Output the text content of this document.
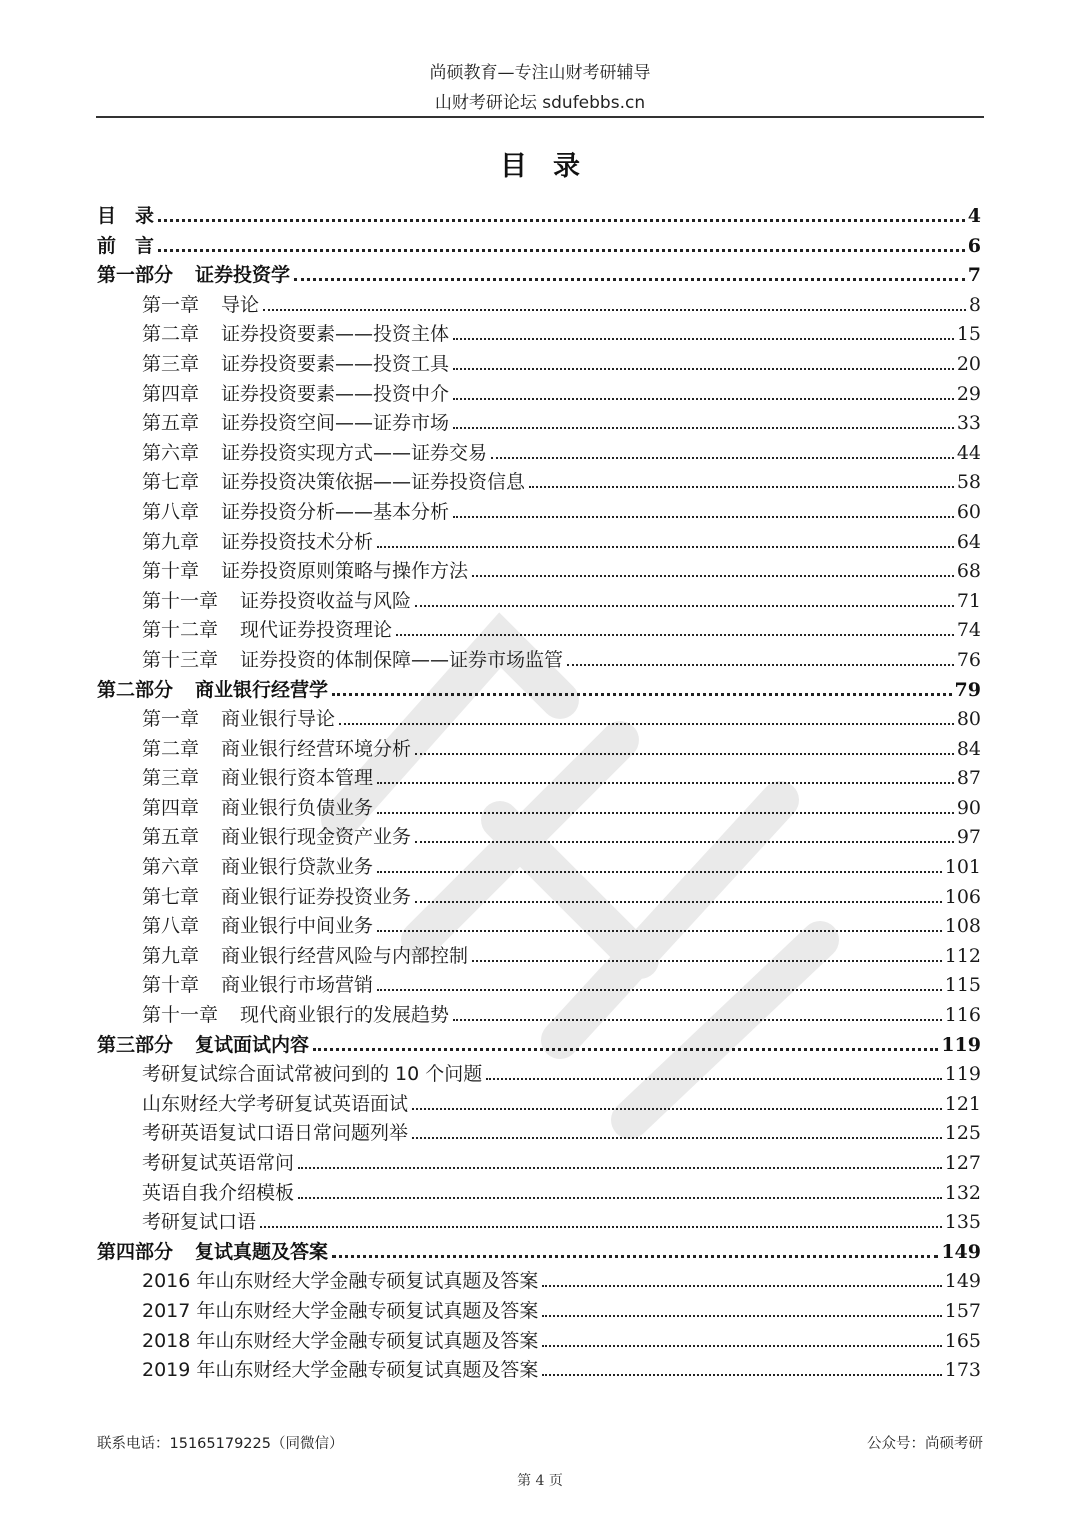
尚硕教育—专注山财考研辅导
山财考研论坛 sdufebbs.cn
目录
目　录	4
前　言	6
第一部分 证券投资学	7
第一章 导论	8
第二章 证券投资要素——投资主体	15
第三章 证券投资要素——投资工具	20
第四章 证券投资要素——投资中介	29
第五章 证券投资空间——证券市场	33
第六章 证券投资实现方式——证券交易	44
第七章 证券投资决策依据——证券投资信息	58
第八章 证券投资分析——基本分析	60
第九章 证券投资技术分析	64
第十章 证券投资原则策略与操作方法	68
第十一章 证券投资收益与风险	71
第十二章 现代证券投资理论	74
第十三章 证券投资的体制保障——证券市场监管	76
第二部分 商业银行经营学	79
第一章 商业银行导论	80
第二章 商业银行经营环境分析	84
第三章 商业银行资本管理	87
第四章 商业银行负债业务	90
第五章 商业银行现金资产业务	97
第六章 商业银行贷款业务	101
第七章 商业银行证券投资业务	106
第八章 商业银行中间业务	108
第九章 商业银行经营风险与内部控制	112
第十章 商业银行市场营销	115
第十一章 现代商业银行的发展趋势	116
第三部分 复试面试内容	119
考研复试综合面试常被问到的 10 个问题	119
山东财经大学考研复试英语面试	121
考研英语复试口语日常问题列举	125
考研复试英语常问	127
英语自我介绍模板	132
考研复试口语	135
第四部分 复试真题及答案	149
2016 年山东财经大学金融专硕复试真题及答案	149
2017 年山东财经大学金融专硕复试真题及答案	157
2018 年山东财经大学金融专硕复试真题及答案	165
2019 年山东财经大学金融专硕复试真题及答案	173
联系电话：15165179225（同微信）	公众号：尚硕考研
第 4 页
